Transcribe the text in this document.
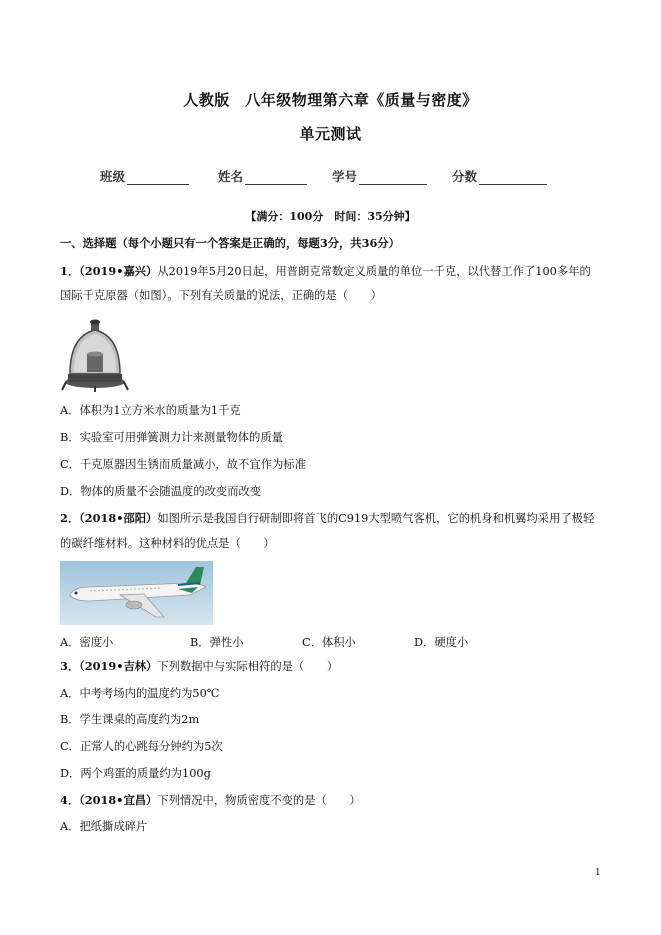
人教版　八年级物理第六章《质量与密度》
单元测试
班级	姓名	学号	分数
【满分：100分　时间：35分钟】
一、选择题（每个小题只有一个答案是正确的，每题3分，共36分）
1．（2019•嘉兴）从2019年5月20日起，用普朗克常数定义质量的单位一千克，以代替工作了100多年的
国际千克原器（如图）。下列有关质量的说法，正确的是（　　）
A．体积为1立方米水的质量为1千克
B．实验室可用弹簧测力计来测量物体的质量
C．千克原器因生锈而质量减小，故不宜作为标准
D．物体的质量不会随温度的改变而改变
2．（2018•邵阳）如图所示是我国自行研制即将首飞的C919大型喷气客机，它的机身和机翼均采用了极轻
的碳纤维材料。这种材料的优点是（　　）
A．密度小	B．弹性小	C．体积小	D．硬度小
3．（2019•吉林）下列数据中与实际相符的是（　　）
A．中考考场内的温度约为50℃
B．学生课桌的高度约为2m
C．正常人的心跳每分钟约为5次
D．两个鸡蛋的质量约为100g
4．（2018•宜昌）下列情况中，物质密度不变的是（　　）
A．把纸撕成碎片
1
